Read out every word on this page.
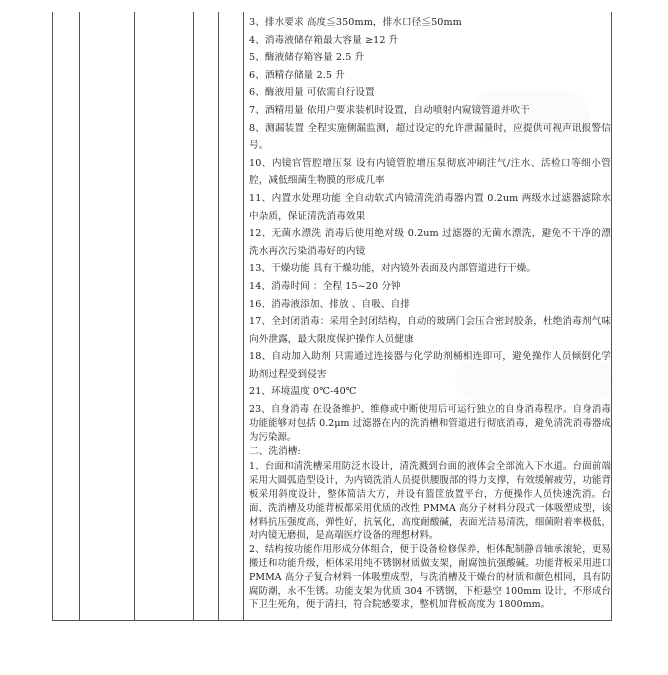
3、排水要求 高度≦350mm，排水口径≦50mm

4、消毒液储存箱最大容量 ≥12 升

5、酶液储存箱容量 2.5 升

6、酒精存储量 2.5 升

6、酶液用量 可依需自行设置

7、酒精用量 依用户要求装机时设置，自动喷射内窥镜管道并吹干

8、测漏装置 全程实施侧漏监测，超过设定的允许泄漏量时，应提供可视声讯报警信号。

10、内镜官管腔增压泵 设有内镜管腔增压泵彻底冲刷注气/注水、活检口等细小管腔，减低细菌生物膜的形成几率

11、内置水处理功能 全自动软式内镜清洗消毒器内置 0.2um 两级水过滤器滤除水中杂质，保证清洗消毒效果

12、无菌水漂洗 消毒后使用绝对级 0.2um 过滤器的无菌水漂洗，避免不干净的漂洗水再次污染消毒好的内镜

13、干燥功能 具有干燥功能，对内镜外表面及内部管道进行干燥。

14、消毒时间 ：全程 15~20 分钟

16、消毒液添加、排放 、自吸、自排

17、全封闭消毒：采用全封闭结构，自动的玻璃门会压合密封胶条，杜绝消毒剂气味向外泄露，最大限度保护操作人员健康

18、自动加入助剂 只需通过连接器与化学助剂桶相连即可，避免操作人员倾倒化学助剂过程受到侵害

21、环境温度 0℃-40℃

23、自身消毒 在设备维护、维修或中断使用后可运行独立的自身消毒程序。自身消毒功能能够对包括 0.2μm 过滤器在内的洗消槽和管道进行彻底消毒，避免清洗消毒器成为污染源。

二、洗消槽:

1、台面和清洗槽采用防泛水设计，清洗溅到台面的液体会全部流入下水道。台面前端采用大圆弧造型设计，为内镜洗消人员提供腰腹部的得力支撑，有效缓解疲劳，功能背板采用斜度设计，整体简洁大方，并设有篮筐放置平台，方便操作人员快速洗消。台面、洗消槽及功能背板都采用优质的改性 PMMA 高分子材料分段式一体吸塑成型，该材料抗压强度高，弹性好，抗氧化，高度耐酸碱，表面光洁易清洗，细菌附着率极低，对内镜无磨损，是高端医疗设备的理想材料。

2、结构按功能作用形成分体组合，便于设备检修保养，柜体配制静音轴承滚轮，更易搬迁和功能升级，柜体采用纯不锈钢材质做支架，耐腐蚀抗强酸碱。功能背板采用进口 PMMA 高分子复合材料一体吸塑成型，与洗消槽及干燥台的材质和颜色相同，具有防腐防潮，永不生锈。功能支架为优质 304 不锈钢，下柜悬空 100mm 设计，不形成台下卫生死角，便于清扫，符合院感要求，整机加背板高度为 1800mm。
